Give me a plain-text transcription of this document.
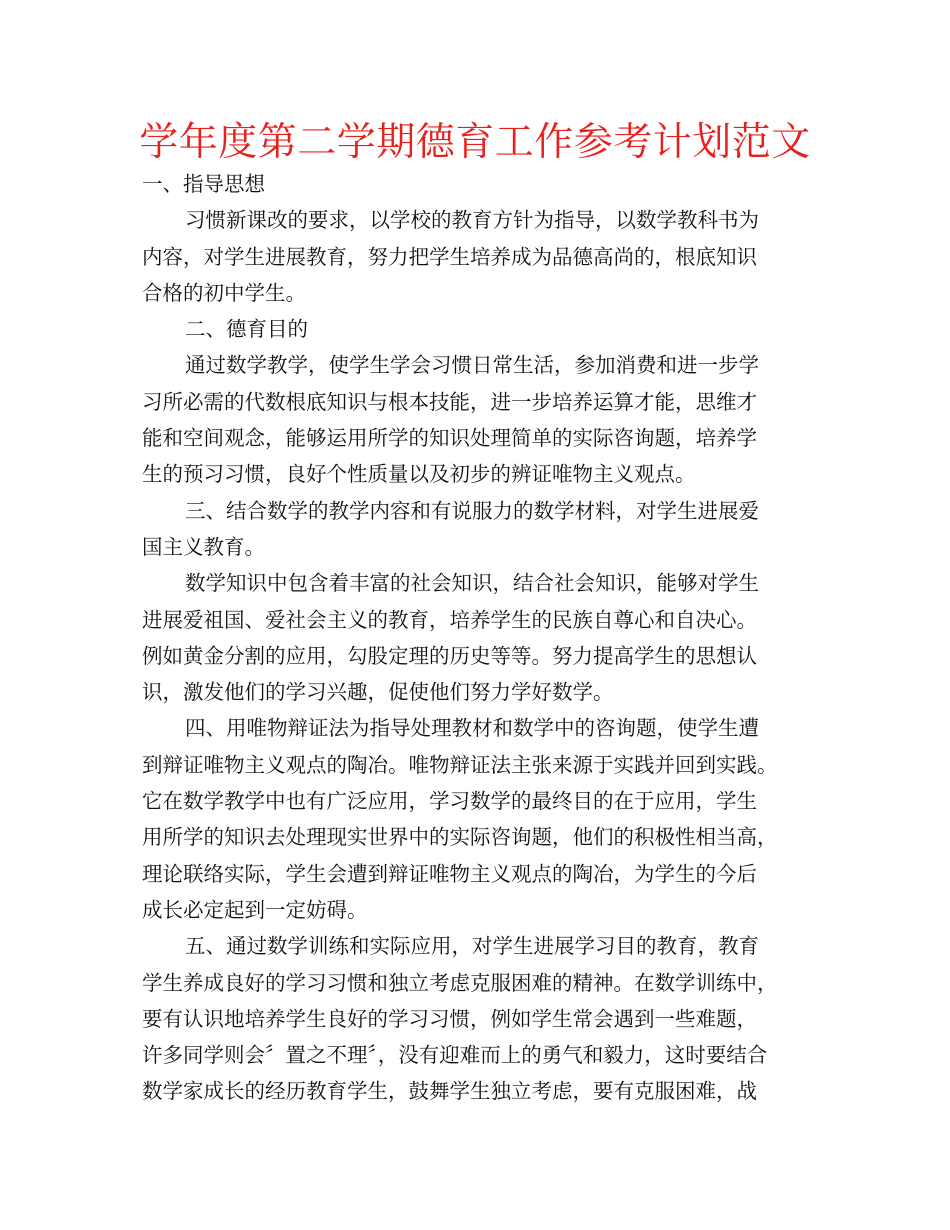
学年度第二学期德育工作参考计划范文
一、指导思想
习惯新课改的要求，以学校的教育方针为指导，以数学教科书为
内容，对学生进展教育，努力把学生培养成为品德高尚的，根底知识
合格的初中学生。
二、德育目的
通过数学教学，使学生学会习惯日常生活，参加消费和进一步学
习所必需的代数根底知识与根本技能，进一步培养运算才能，思维才
能和空间观念，能够运用所学的知识处理简单的实际咨询题，培养学
生的预习习惯，良好个性质量以及初步的辨证唯物主义观点。
三、结合数学的教学内容和有说服力的数学材料，对学生进展爱
国主义教育。
数学知识中包含着丰富的社会知识，结合社会知识，能够对学生
进展爱祖国、爱社会主义的教育，培养学生的民族自尊心和自决心。
例如黄金分割的应用，勾股定理的历史等等。努力提高学生的思想认
识，激发他们的学习兴趣，促使他们努力学好数学。
四、用唯物辩证法为指导处理教材和数学中的咨询题，使学生遭
到辩证唯物主义观点的陶冶。唯物辩证法主张来源于实践并回到实践。
它在数学教学中也有广泛应用，学习数学的最终目的在于应用，学生
用所学的知识去处理现实世界中的实际咨询题，他们的积极性相当高，
理论联络实际，学生会遭到辩证唯物主义观点的陶冶，为学生的今后
成长必定起到一定妨碍。
五、通过数学训练和实际应用，对学生进展学习目的教育，教育
学生养成良好的学习习惯和独立考虑克服困难的精神。在数学训练中，
要有认识地培养学生良好的学习习惯，例如学生常会遇到一些难题，
许多同学则会〞置之不理〞，没有迎难而上的勇气和毅力，这时要结合
数学家成长的经历教育学生，鼓舞学生独立考虑，要有克服困难，战
